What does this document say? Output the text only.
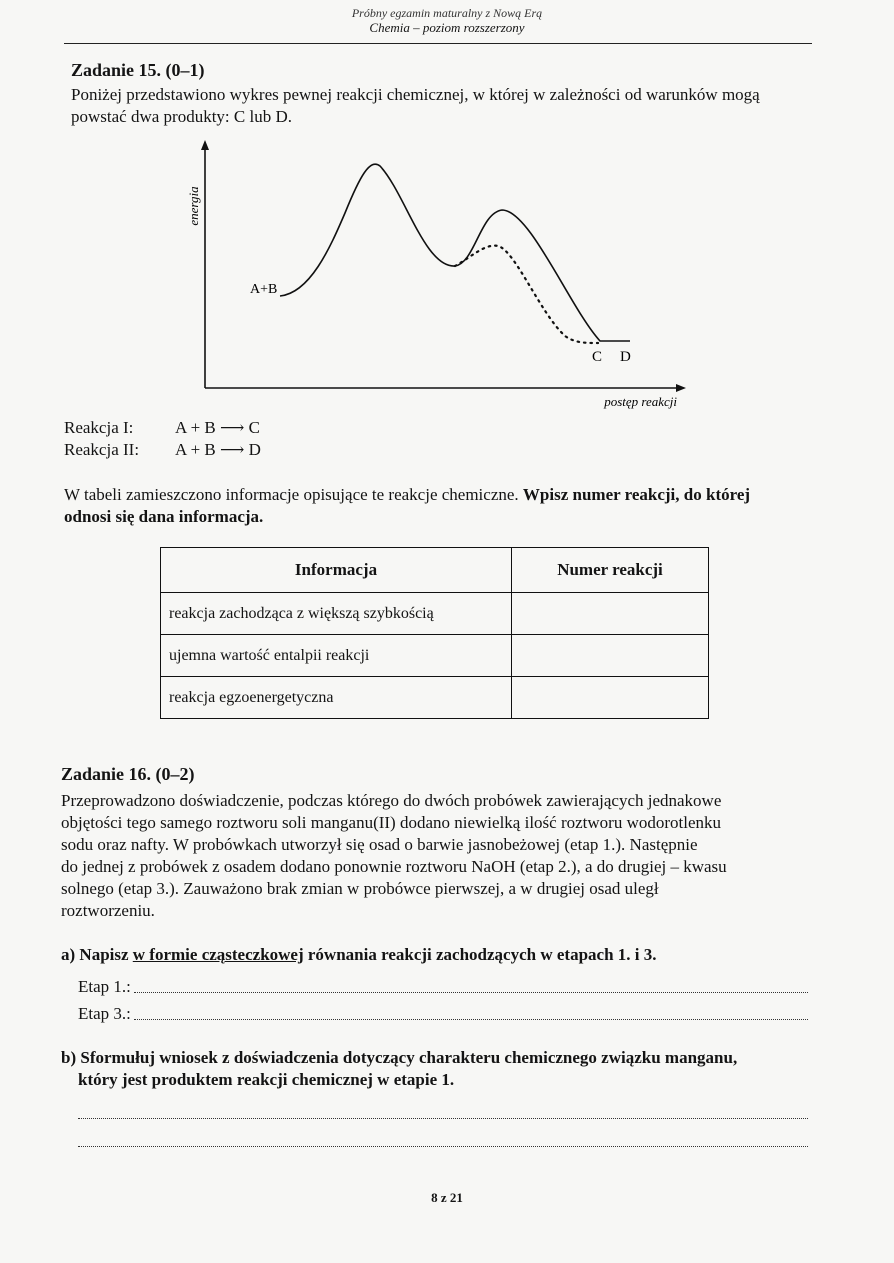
Próbny egzamin maturalny z Nową Erą
Chemia – poziom rozszerzony
Zadanie 15. (0–1)
Poniżej przedstawiono wykres pewnej reakcji chemicznej, w której w zależności od warunków mogą
powstać dwa produkty: C lub D.
energia
postęp reakcji
A+B
C D
Reakcja I: A + B ⟶ C
Reakcja II: A + B ⟶ D
W tabeli zamieszczono informacje opisujące te reakcje chemiczne. Wpisz numer reakcji, do której
odnosi się dana informacja.
Informacja	Numer reakcji
reakcja zachodząca z większą szybkością	
ujemna wartość entalpii reakcji	
reakcja egzoenergetyczna	
Zadanie 16. (0–2)
Przeprowadzono doświadczenie, podczas którego do dwóch probówek zawierających jednakowe
objętości tego samego roztworu soli manganu(II) dodano niewielką ilość roztworu wodorotlenku
sodu oraz nafty. W probówkach utworzył się osad o barwie jasnobeżowej (etap 1.). Następnie
do jednej z probówek z osadem dodano ponownie roztworu NaOH (etap 2.), a do drugiej – kwasu
solnego (etap 3.). Zauważono brak zmian w probówce pierwszej, a w drugiej osad uległ
roztworzeniu.
a) Napisz w formie cząsteczkowej równania reakcji zachodzących w etapach 1. i 3.
Etap 1.:
Etap 3.:
b) Sformułuj wniosek z doświadczenia dotyczący charakteru chemicznego związku manganu,
który jest produktem reakcji chemicznej w etapie 1.
8 z 21
